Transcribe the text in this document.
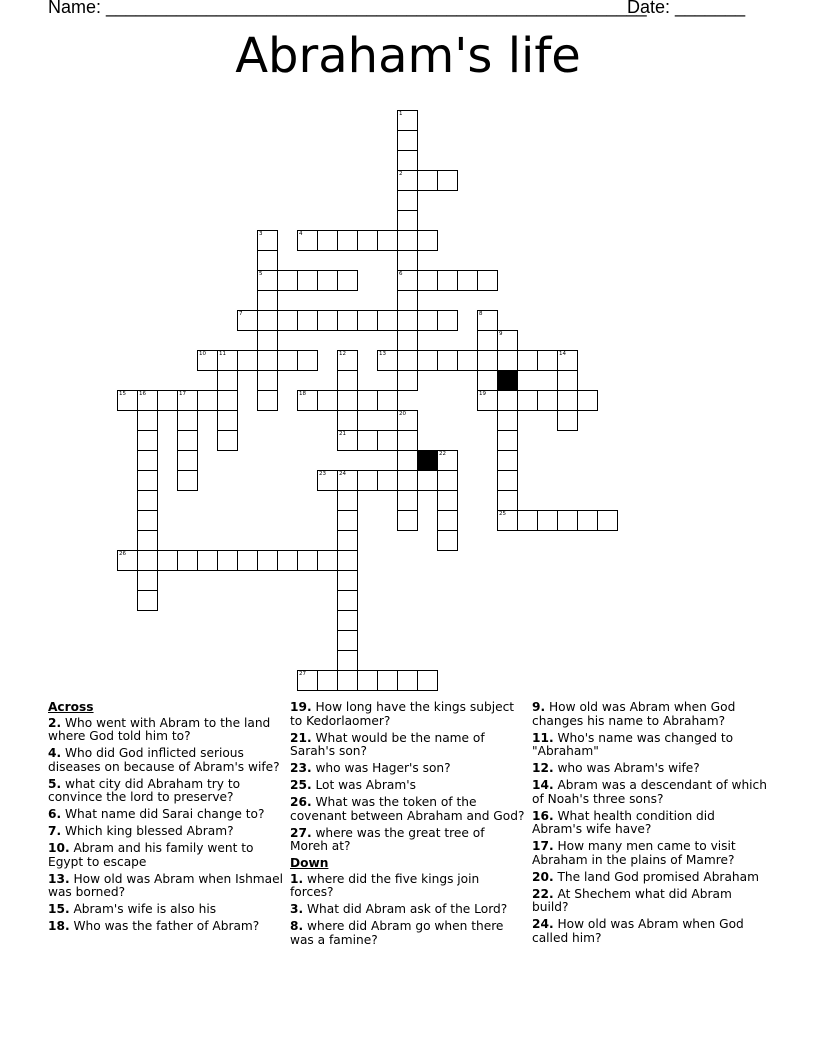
Name: ______________________________________________________
Date: _______
Abraham's life
1
2
6
3
5
4
7	8
19
9
25
10 11	12
21
13	14
15 16	17	18
20
22
23 24
26
27
Across
2. Who went with Abram to the land where God told him to?
4. Who did God inflicted serious diseases on because of Abram's wife?
5. what city did Abraham try to convince the lord to preserve?
6. What name did Sarai change to?
7. Which king blessed Abram?
10. Abram and his family went to Egypt to escape
13. How old was Abram when Ishmael was borned?
15. Abram's wife is also his
18. Who was the father of Abram?
19. How long have the kings subject to Kedorlaomer?
21. What would be the name of Sarah's son?
23. who was Hager's son?
25. Lot was Abram's
26. What was the token of the covenant between Abraham and God?
27. where was the great tree of Moreh at?
Down
1. where did the five kings join forces?
3. What did Abram ask of the Lord?
8. where did Abram go when there was a famine?
9. How old was Abram when God changes his name to Abraham?
11. Who's name was changed to "Abraham"
12. who was Abram's wife?
14. Abram was a descendant of which of Noah's three sons?
16. What health condition did Abram's wife have?
17. How many men came to visit Abraham in the plains of Mamre?
20. The land God promised Abraham
22. At Shechem what did Abram build?
24. How old was Abram when God called him?
